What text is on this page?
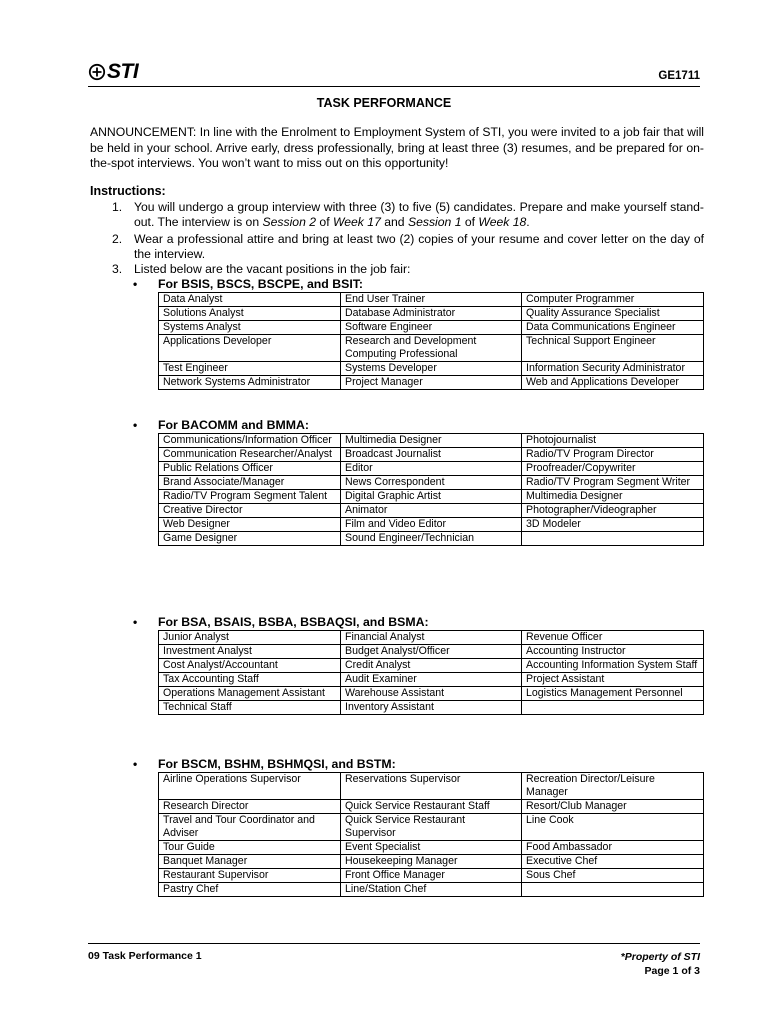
STI	GE1711
TASK PERFORMANCE
ANNOUNCEMENT: In line with the Enrolment to Employment System of STI, you were invited to a job fair that will be held in your school. Arrive early, dress professionally, bring at least three (3) resumes, and be prepared for on-the-spot interviews. You won’t want to miss out on this opportunity!
Instructions:
1. You will undergo a group interview with three (3) to five (5) candidates. Prepare and make yourself stand-out. The interview is on Session 2 of Week 17 and Session 1 of Week 18.
2. Wear a professional attire and bring at least two (2) copies of your resume and cover letter on the day of the interview.
3. Listed below are the vacant positions in the job fair:
•	For BSIS, BSCS, BSCPE, and BSIT:
Data Analyst	End User Trainer	Computer Programmer
Solutions Analyst	Database Administrator	Quality Assurance Specialist
Systems Analyst	Software Engineer	Data Communications Engineer
Applications Developer	Research and Development Computing Professional	Technical Support Engineer
Test Engineer	Systems Developer	Information Security Administrator
Network Systems Administrator	Project Manager	Web and Applications Developer
•	For BACOMM and BMMA:
Communications/Information Officer	Multimedia Designer	Photojournalist
Communication Researcher/Analyst	Broadcast Journalist	Radio/TV Program Director
Public Relations Officer	Editor	Proofreader/Copywriter
Brand Associate/Manager	News Correspondent	Radio/TV Program Segment Writer
Radio/TV Program Segment Talent	Digital Graphic Artist	Multimedia Designer
Creative Director	Animator	Photographer/Videographer
Web Designer	Film and Video Editor	3D Modeler
Game Designer	Sound Engineer/Technician	
•	For BSA, BSAIS, BSBA, BSBAQSI, and BSMA:
Junior Analyst	Financial Analyst	Revenue Officer
Investment Analyst	Budget Analyst/Officer	Accounting Instructor
Cost Analyst/Accountant	Credit Analyst	Accounting Information System Staff
Tax Accounting Staff	Audit Examiner	Project Assistant
Operations Management Assistant	Warehouse Assistant	Logistics Management Personnel
Technical Staff	Inventory Assistant	
•	For BSCM, BSHM, BSHMQSI, and BSTM:
Airline Operations Supervisor	Reservations Supervisor	Recreation Director/Leisure Manager
Research Director	Quick Service Restaurant Staff	Resort/Club Manager
Travel and Tour Coordinator and Adviser	Quick Service Restaurant Supervisor	Line Cook
Tour Guide	Event Specialist	Food Ambassador
Banquet Manager	Housekeeping Manager	Executive Chef
Restaurant Supervisor	Front Office Manager	Sous Chef
Pastry Chef	Line/Station Chef	
09 Task Performance 1	*Property of STI
Page 1 of 3
